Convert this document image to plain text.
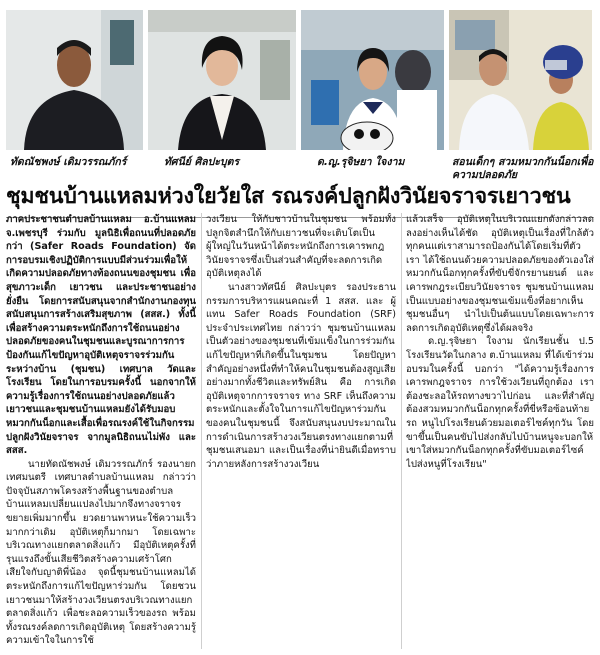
ทัดณัชพงษ์ เดิมวรรณภักร์	ทัศนีย์ ศิลปะบุตร	ด.ญ.รุจิษยา ใจงาม	สอนเด็กๆ สวมหมวกกันน็อกเพื่อ
ความปลอดภัย
ชุมชนบ้านแหลมห่วงใยวัยใส รณรงค์ปลูกฝังวินัยจราจรเยาวชน

ภาคประชาชนตำบลบ้านแหลม อ.บ้านแหลม จ.เพชรบุรี ร่วมกับ มูลนิธิเพื่อถนนที่ปลอดภัยกว่า (Safer Roads Foundation) จัด การอบรมเชิงปฏิบัติการแบบมีส่วนร่วมเพื่อให้เกิดความปลอดภัยทางท้องถนนของชุมชน เพื่อสุขภาวะเด็ก เยาวชน และประชาชนอย่างยั่งยืน โดยการสนับสนุนจากสำนักงานกองทุนสนับสนุนการสร้างเสริมสุขภาพ (สสส.) ทั้งนี้ เพื่อสร้างความตระหนักถึงการใช้ถนนอย่างปลอดภัยของคนในชุมชนและบูรณาการการป้องกันแก้ไขปัญหาอุบัติเหตุจราจรร่วมกันระหว่างบ้าน (ชุมชน) เทศบาล วัดและโรงเรียน โดยในการอบรมครั้งนี้ นอกจากให้ความรู้เรื่องการใช้ถนนอย่างปลอดภัยแล้ว เยาวชนและชุมชนบ้านแหลมยังได้รับมอบหมวกกันน็อกและเสื้อเพื่อรณรงค์ใช้ในกิจกรรมปลูกฝังวินัยจราจร จากมูลนิธิถนนไม่พัง และ สสส.

นายทัดณัชพงษ์ เดิมวรรณภักร์ รองนายกเทศมนตรี เทศบาลตำบลบ้านแหลม กล่าวว่า ปัจจุบันสภาพโครงสร้างพื้นฐานของตำบลบ้านแหลมเปลี่ยนแปลงไปมากจึงทางจราจรขยายเพิ่มมากขึ้น ยวดยานพาหนะใช้ความเร็วมากกว่าเดิม อุบัติเหตุก็มากมา โดยเฉพาะบริเวณทางแยกตลาดสิ่งแก้ว มีอุบัติเหตุครั้งที่รุนแรงถึงขั้นเสียชีวิตสร้างความเศร้าโศกเสียใจกับญาติพี่น้อง จุดนี้ชุมชนบ้านแหลมได้ตระหนักถึงการแก้ไขปัญหาร่วมกัน โดยชวนเยาวชนมาให้สร้างวงเวียนตรงบริเวณทางแยกตลาดสิ่งแก้ว เพื่อชะลอความเร็วของรถ พร้อมทั้งรณรงค์ลดการเกิดอุบัติเหตุ โดยสร้างความรู้ความเข้าใจในการใช้

วงเวียน ให้กับชาวบ้านในชุมชน พร้อมทั้งปลูกจิตสำนึกให้กับเยาวชนที่จะเติบโตเป็นผู้ใหญ่ในวันหน้าได้ตระหนักถึงการเคารพกฎวินัยจราจรซึ่งเป็นส่วนสำคัญที่จะลดการเกิดอุบัติเหตุลงได้

นางสาวทัศนีย์ ศิลปะบุตร รองประธานกรรมการบริหารแผนคณะที่ 1 สสส. และ ผู้แทน Safer Roads Foundation (SRF) ประจำประเทศไทย กล่าวว่า ชุมชนบ้านแหลมเป็นตัวอย่างของชุมชนที่เข้มแข็งในการร่วมกันแก้ไขปัญหาที่เกิดขึ้นในชุมชน โดยปัญหาสำคัญอย่างหนึ่งที่ทำให้คนในชุมชนต้องสูญเสียอย่างมากทั้งชีวิตและทรัพย์สิน คือ การเกิดอุบัติเหตุจากการจราจร ทาง SRF เห็นถึงความตระหนักและตั้งใจในการแก้ไขปัญหาร่วมกันของคนในชุมชนนี้ จึงสนับสนุนงบประมาณในการดำเนินการสร้างวงเวียนตรงทางแยกตามที่ชุมชนเสนอมา และเป็นเรื่องที่น่ายินดีเมื่อทราบว่าภายหลังการสร้างวงเวียน

แล้วเสร็จ อุบัติเหตุในบริเวณแยกดังกล่าวลดลงอย่างเห็นได้ชัด อุบัติเหตุเป็นเรื่องที่ใกล้ตัวทุกคนแต่เราสามารถป้องกันได้โดยเริ่มที่ตัวเรา ได้ใช้ถนนด้วยความปลอดภัยของตัวเองใส่หมวกกันน็อกทุกครั้งที่ขับขี่จักรยานยนต์ และเคารพกฎระเบียบวินัยจราจร ชุมชนบ้านแหลมเป็นแบบอย่างของชุมชนเข้มแข็งที่อยากเห็นชุมชนอื่นๆ นำไปเป็นต้นแบบโดยเฉพาะการลดการเกิดอุบัติเหตุซึ่งได้ผลจริง

ด.ญ.รุจิษยา ใจงาม นักเรียนชั้น ป.5 โรงเรียนวัดในกลาง ต.บ้านแหลม ที่ได้เข้าร่วมอบรมในครั้งนี้ บอกว่า "ได้ความรู้เรื่องการเคารพกฎจราจร การใช้วงเวียนที่ถูกต้อง เราต้องชะลอให้รถทางขวาไปก่อน และที่สำคัญต้องสวมหมวกกันน็อกทุกครั้งที่ขี่หรือซ้อนท้ายรถ หนูไปโรงเรียนด้วยมอเตอร์ไซค์ทุกวัน โดยขาขึ้นเป็นคนขับไปส่งกลับไปบ้านหนูจะบอกให้เขาใส่หมวกกันน็อกทุกครั้งที่ขับมอเตอร์ไซค์ไปส่งหนูที่โรงเรียน"
